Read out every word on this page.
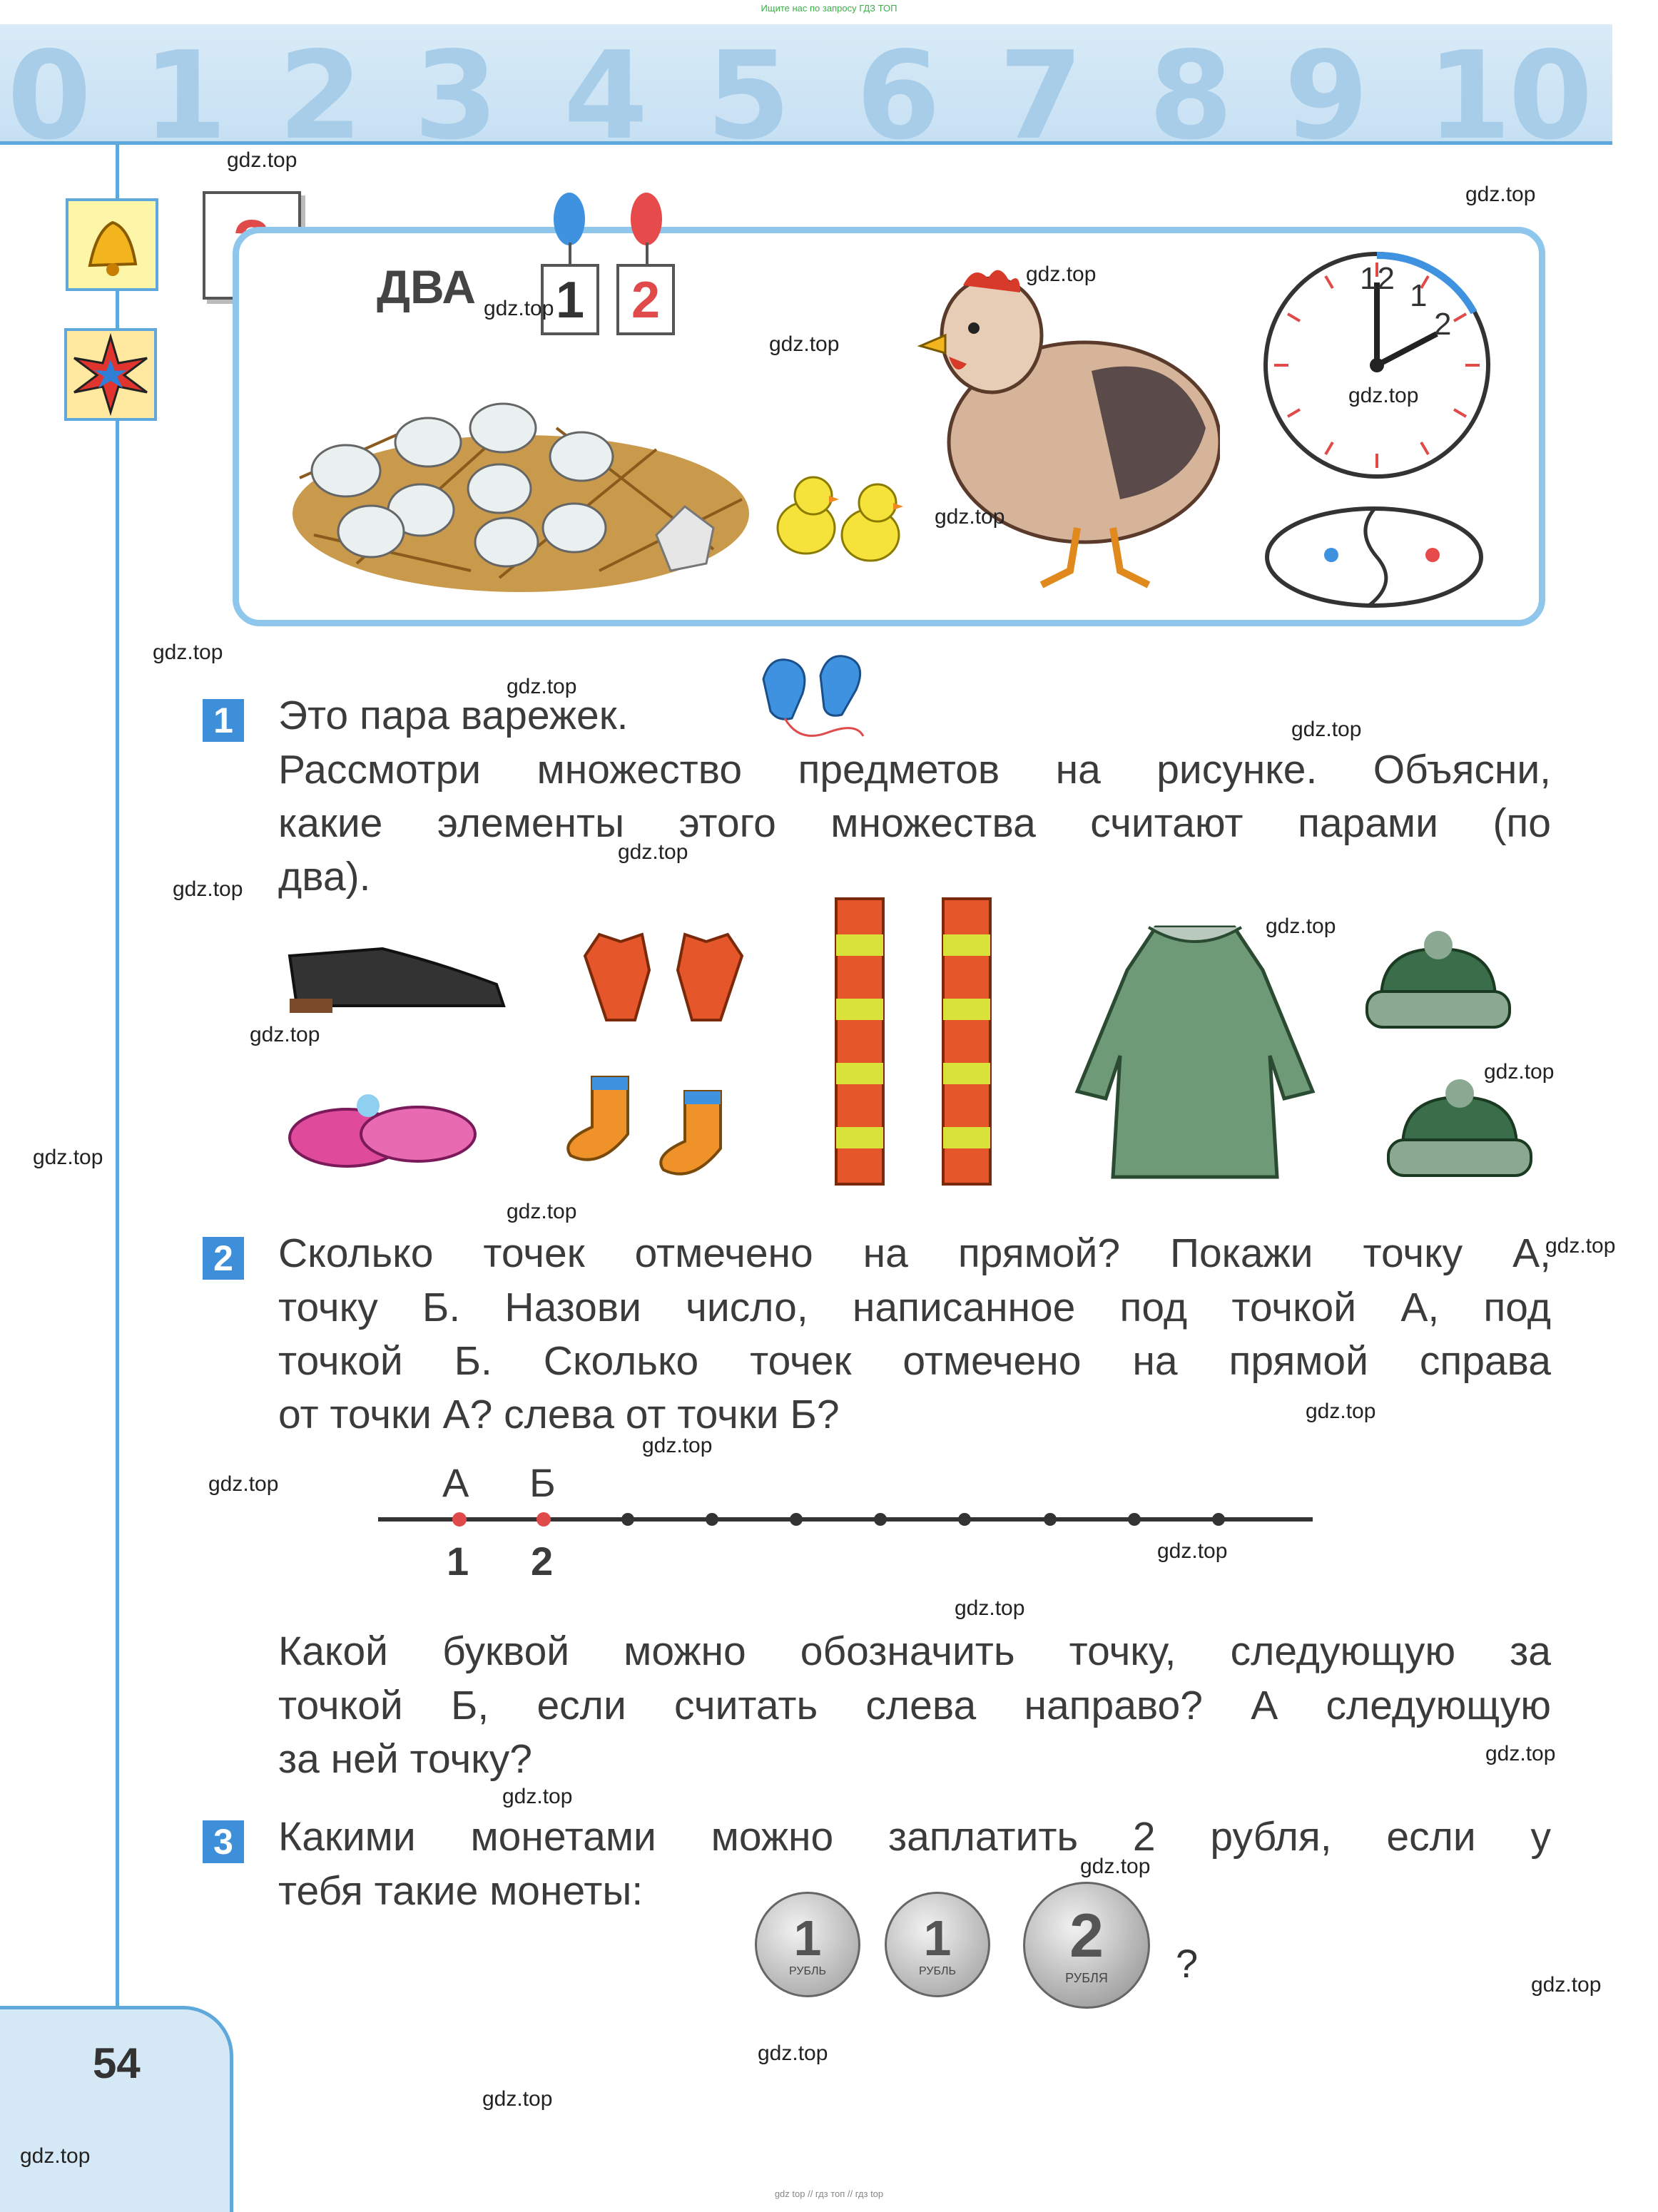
Ищите нас по запросу ГДЗ ТОП
gdz top // гдз топ // гдз top
0 1 2 3 4 5 6 7 8 9 10
ДВА 1 2	12 1
2
1 Это пара варежек.
Рассмотри множество предметов на рисунке. Объясни,
какие элементы этого множества считают парами (по
два).
2 Сколько точек отмечено на прямой? Покажи точку А,
точку Б. Назови число, написанное под точкой А, под
точкой Б. Сколько точек отмечено на прямой справа
от точки А? слева от точки Б?
А Б
1 2
Какой буквой можно обозначить точку, следующую за
точкой Б, если считать слева направо? А следующую
за ней точку?
3 Какими монетами можно заплатить 2 рубля, если у
тебя такие монеты:
1
РУБЛЬ
1
РУБЛЬ
2
РУБЛЯ	?
54
gdz.top
gdz.top
gdz.top
gdz.top
gdz.top
gdz.top
gdz.top
gdz.top
gdz.top
gdz.top
gdz.top
gdz.top
gdz.top
gdz.top
gdz.top
gdz.top
gdz.top
gdz.top
gdz.top
gdz.top
gdz.top
gdz.top
gdz.top
gdz.top
gdz.top
gdz.top
gdz.top
gdz.top
gdz.top
gdz.top
